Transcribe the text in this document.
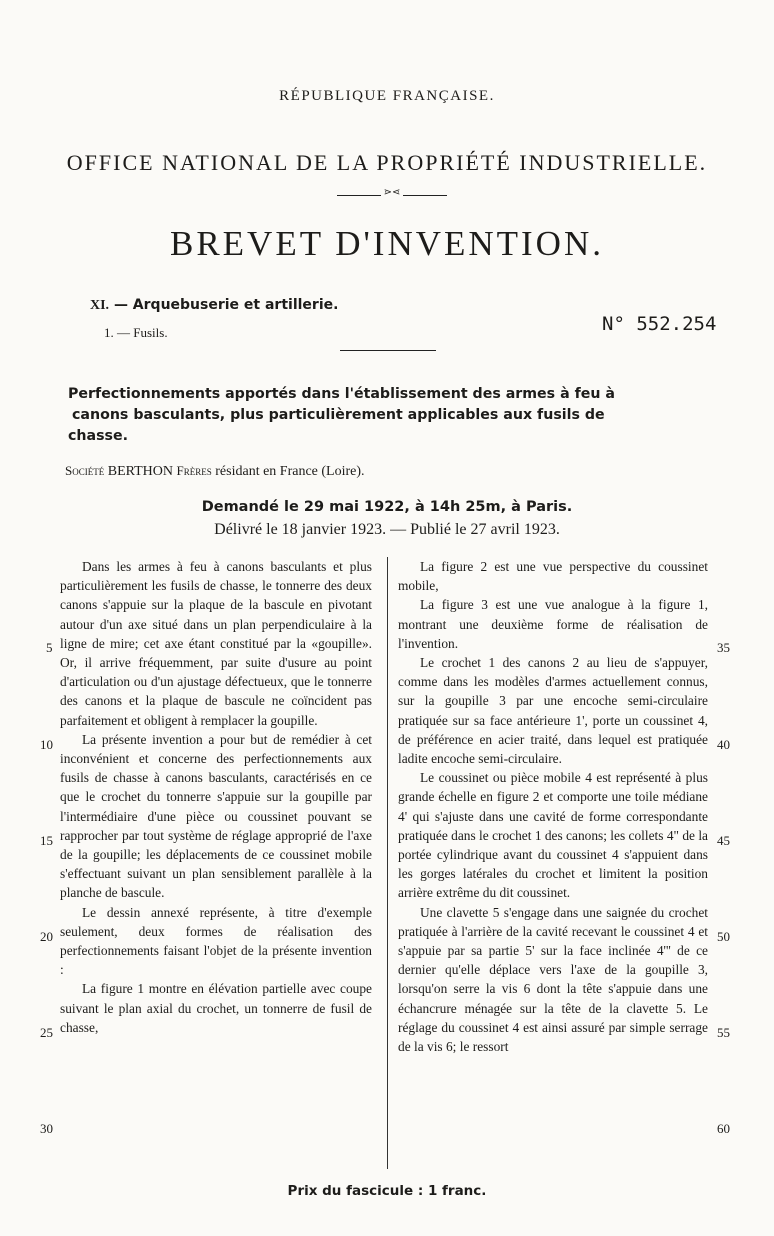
RÉPUBLIQUE FRANÇAISE.
OFFICE NATIONAL DE LA PROPRIÉTÉ INDUSTRIELLE.
⋗⋖
BREVET D'INVENTION.
XI. — Arquebuserie et artillerie.
1. — Fusils.	N° 552.254
Perfectionnements apportés dans l'établissement des armes à feu à
canons basculants, plus particulièrement applicables aux fusils de
chasse.
Société BERTHON Frères résidant en France (Loire).
Demandé le 29 mai 1922, à 14h 25m, à Paris.
Délivré le 18 janvier 1923. — Publié le 27 avril 1923.

Dans les armes à feu à canons basculants et plus particulièrement les fusils de chasse, le tonnerre des deux canons s'appuie sur la plaque de la bascule en pivotant autour d'un axe situé dans un plan perpendiculaire à la ligne de mire; cet axe étant constitué par la «goupille». Or, il arrive fréquemment, par suite d'usure au point d'articulation ou d'un ajustage défectueux, que le tonnerre des canons et la plaque de bascule ne coïncident pas parfaitement et obligent à remplacer la goupille.

La présente invention a pour but de remédier à cet inconvénient et concerne des perfectionnements aux fusils de chasse à canons basculants, caractérisés en ce que le crochet du tonnerre s'appuie sur la goupille par l'intermédiaire d'une pièce ou coussinet pouvant se rapprocher par tout système de réglage approprié de l'axe de la goupille; les déplacements de ce coussinet mobile s'effectuant suivant un plan sensiblement parallèle à la planche de bascule.

Le dessin annexé représente, à titre d'exemple seulement, deux formes de réalisation des perfectionnements faisant l'objet de la présente invention :

La figure 1 montre en élévation partielle avec coupe suivant le plan axial du crochet, un tonnerre de fusil de chasse,

La figure 2 est une vue perspective du coussinet mobile,

La figure 3 est une vue analogue à la figure 1, montrant une deuxième forme de réalisation de l'invention.

Le crochet 1 des canons 2 au lieu de s'appuyer, comme dans les modèles d'armes actuellement connus, sur la goupille 3 par une encoche semi-circulaire pratiquée sur sa face antérieure 1', porte un coussinet 4, de préférence en acier traité, dans lequel est pratiquée ladite encoche semi-circulaire.

Le coussinet ou pièce mobile 4 est représenté à plus grande échelle en figure 2 et comporte une toile médiane 4' qui s'ajuste dans une cavité de forme correspondante pratiquée dans le crochet 1 des canons; les collets 4" de la portée cylindrique avant du coussinet 4 s'appuient dans les gorges latérales du crochet et limitent la position arrière extrême du dit coussinet.

Une clavette 5 s'engage dans une saignée du crochet pratiquée à l'arrière de la cavité recevant le coussinet 4 et s'appuie par sa partie 5' sur la face inclinée 4''' de ce dernier qu'elle déplace vers l'axe de la goupille 3, lorsqu'on serre la vis 6 dont la tête s'appuie dans une échancrure ménagée sur la tête de la clavette 5. Le réglage du coussinet 4 est ainsi assuré par simple serrage de la vis 6; le ressort

5
10
15
20
25
30
35
40
45
50
55
60
Prix du fascicule : 1 franc.
